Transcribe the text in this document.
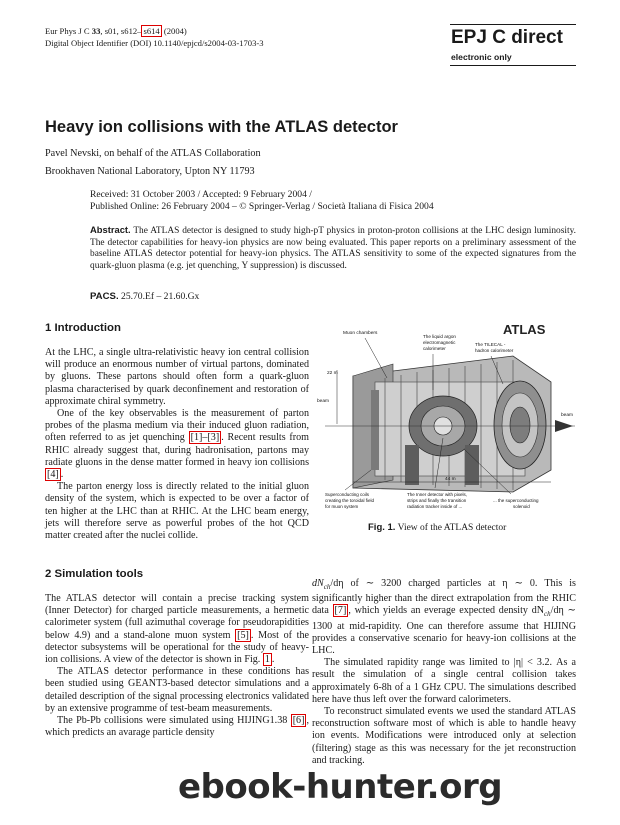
Eur Phys J C 33, s01, s612– s614 (2004)
Digital Object Identifier (DOI) 10.1140/epjcd/s2004-03-1703-3	EPJ C direct
electronic only
Heavy ion collisions with the ATLAS detector
Pavel Nevski, on behalf of the ATLAS Collaboration
Brookhaven National Laboratory, Upton NY 11793
Received: 31 October 2003 / Accepted: 9 February 2004 /
Published Online: 26 February 2004 – © Springer-Verlag / Società Italiana di Fisica 2004
Abstract. The ATLAS detector is designed to study high-pT physics in proton-proton collisions at the LHC design luminosity. The detector capabilities for heavy-ion physics are now being evaluated. This paper reports on a preliminary assessment of the baseline ATLAS detector potential for heavy-ion physics. The ATLAS sensitivity to some of the expected signatures from the quark-gluon plasma (e.g. jet quenching, Υ suppression) is discussed.
PACS. 25.70.Ef – 21.60.Gx
1 Introduction

At the LHC, a single ultra-relativistic heavy ion central collision will produce an enormous number of virtual partons, dominated by gluons. These partons should often form a quark-gluon plasma characterised by quark deconfinement and restoration of approximate chiral symmetry.

One of the key observables is the measurement of parton probes of the plasma medium via their induced gluon radiation, often referred to as jet quenching [1]–[3] . Recent results from RHIC already suggest that, during hadronisation, partons may radiate gluons in the dense matter formed in heavy ion collisions [4] .

The parton energy loss is directly related to the initial gluon density of the system, which is expected to be over a factor of ten higher at the LHC than at RHIC. At the LHC beam energy, jets will therefore serve as powerful probes of the hot QCD matter created after the nuclei collide.

ATLAS
Muon chambers
The liquid argon
electromagnetic
calorimeter
The TILECAL -
hadron calorimeter
22 m
beam
beam
44 m
Superconducting coils
creating the toroidal field
for muon system
The Inner detector with pixels,
strips and finally the transition
radiation tracker inside of ...
... the superconducting
solenoid
Fig. 1. View of the ATLAS detector
2 Simulation tools

The ATLAS detector will contain a precise tracking system (Inner Detector) for charged particle measurements, a hermetic calorimeter system (full azimuthal coverage for pseudorapidities below 4.9) and a stand-alone muon system [5] . Most of the detector subsystems will be operational for the study of heavy-ion collisions. A view of the detector is shown in Fig. 1 .

The ATLAS detector performance in these conditions has been studied using GEANT3-based detector simulations and a detailed description of the signal processing electronics validated by an extensive programme of test-beam measurements.

The Pb-Pb collisions were simulated using HIJING1.38 [6] , which predicts an avarage particle density

$dN_{ch}/d\eta$ of ∼ 3200 charged particles at η ∼ 0. This is significantly higher than the direct extrapolation from the RHIC data [7] , which yields an everage expected density $dN_{ch}/d\eta$ ∼ 1300 at mid-rapidity. One can therefore assume that HIJING provides a conservative scenario for heavy-ion collisions at the LHC.

The simulated rapidity range was limited to |η| < 3.2. As a result the simulation of a single central collision takes approximately 6-8h of a 1 GHz CPU. The simulations described here have thus left over the forward calorimeters.

To reconstruct simulated events we used the standard ATLAS reconstruction software most of which is able to handle heavy ion events. Modifications were introduced only at selection (filtering) stage as this was necessary for the jet reconstruction and tracking.

ebook-hunter.org
